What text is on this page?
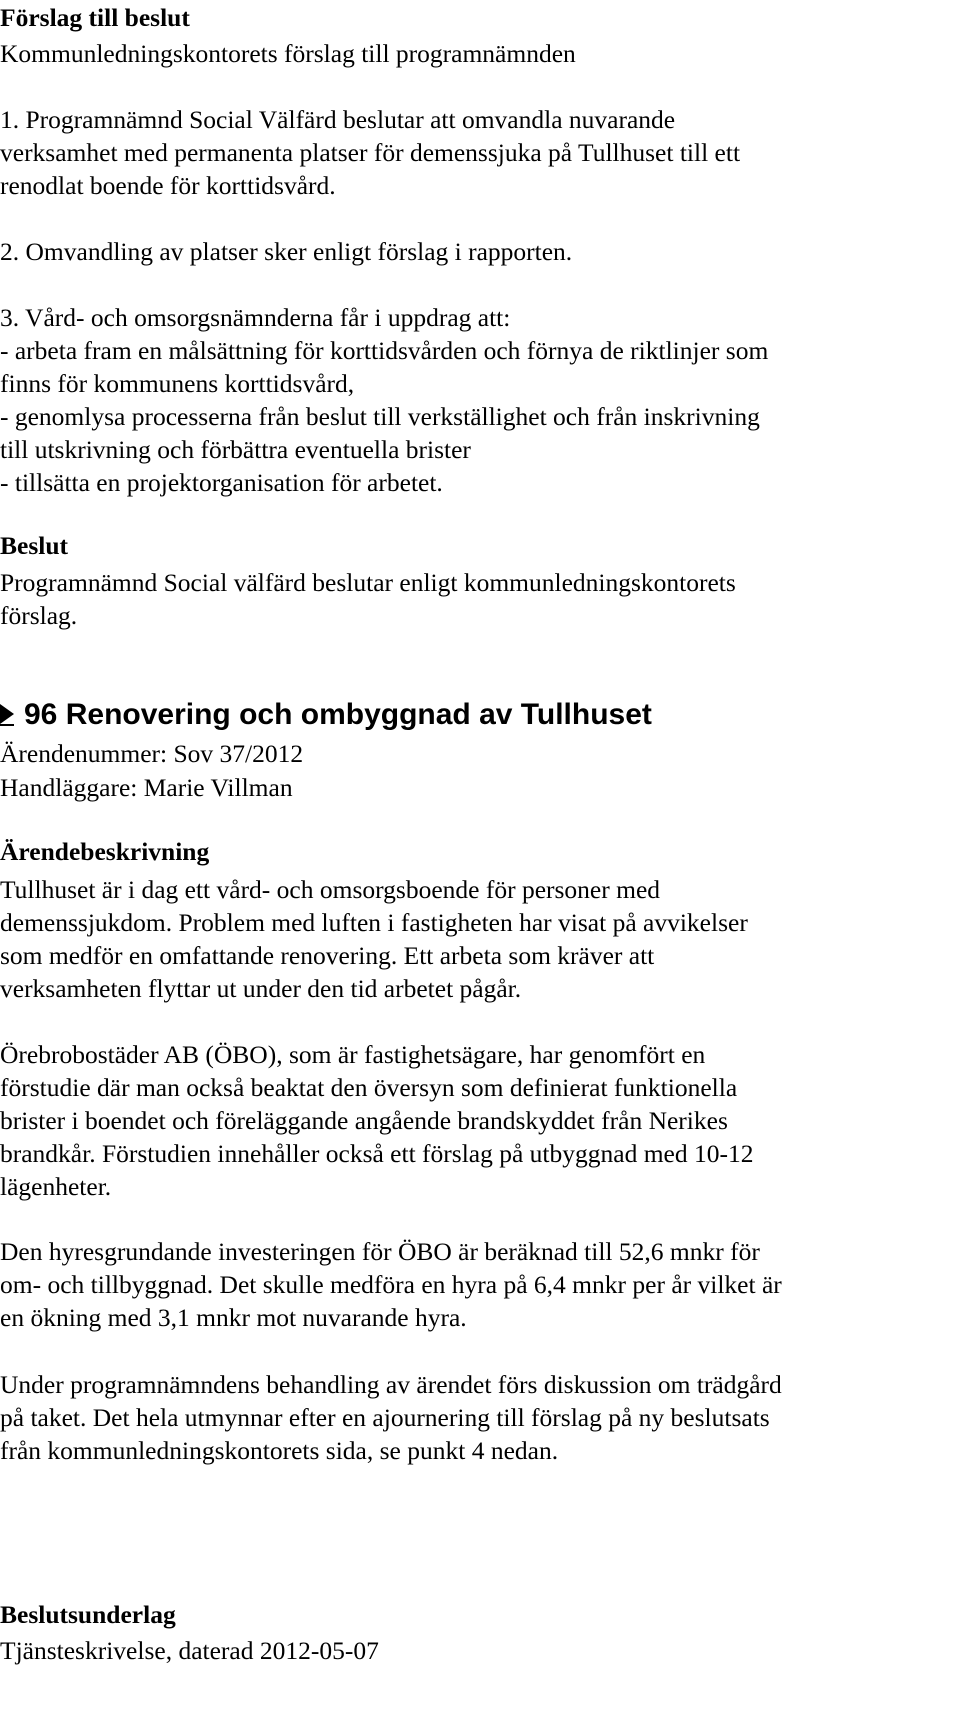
Förslag till beslut
Kommunledningskontorets förslag till programnämnden
1. Programnämnd Social Välfärd beslutar att omvandla nuvarande
verksamhet med permanenta platser för demenssjuka på Tullhuset till ett
renodlat boende för korttidsvård.
2. Omvandling av platser sker enligt förslag i rapporten.
3. Vård- och omsorgsnämnderna får i uppdrag att:
- arbeta fram en målsättning för korttidsvården och förnya de riktlinjer som
finns för kommunens korttidsvård,
- genomlysa processerna från beslut till verkställighet och från inskrivning
till utskrivning och förbättra eventuella brister
- tillsätta en projektorganisation för arbetet.
Beslut
Programnämnd Social välfärd beslutar enligt kommunledningskontorets
förslag.
96 Renovering och ombyggnad av Tullhuset
Ärendenummer: Sov 37/2012
Handläggare: Marie Villman
Ärendebeskrivning
Tullhuset är i dag ett vård- och omsorgsboende för personer med
demenssjukdom. Problem med luften i fastigheten har visat på avvikelser
som medför en omfattande renovering. Ett arbeta som kräver att
verksamheten flyttar ut under den tid arbetet pågår.
Örebrobostäder AB (ÖBO), som är fastighetsägare, har genomfört en
förstudie där man också beaktat den översyn som definierat funktionella
brister i boendet och föreläggande angående brandskyddet från Nerikes
brandkår. Förstudien innehåller också ett förslag på utbyggnad med 10-12
lägenheter.
Den hyresgrundande investeringen för ÖBO är beräknad till 52,6 mnkr för
om- och tillbyggnad. Det skulle medföra en hyra på 6,4 mnkr per år vilket är
en ökning med 3,1 mnkr mot nuvarande hyra.
Under programnämndens behandling av ärendet förs diskussion om trädgård
på taket. Det hela utmynnar efter en ajournering till förslag på ny beslutsats
från kommunledningskontorets sida, se punkt 4 nedan.
Beslutsunderlag
Tjänsteskrivelse, daterad 2012-05-07
